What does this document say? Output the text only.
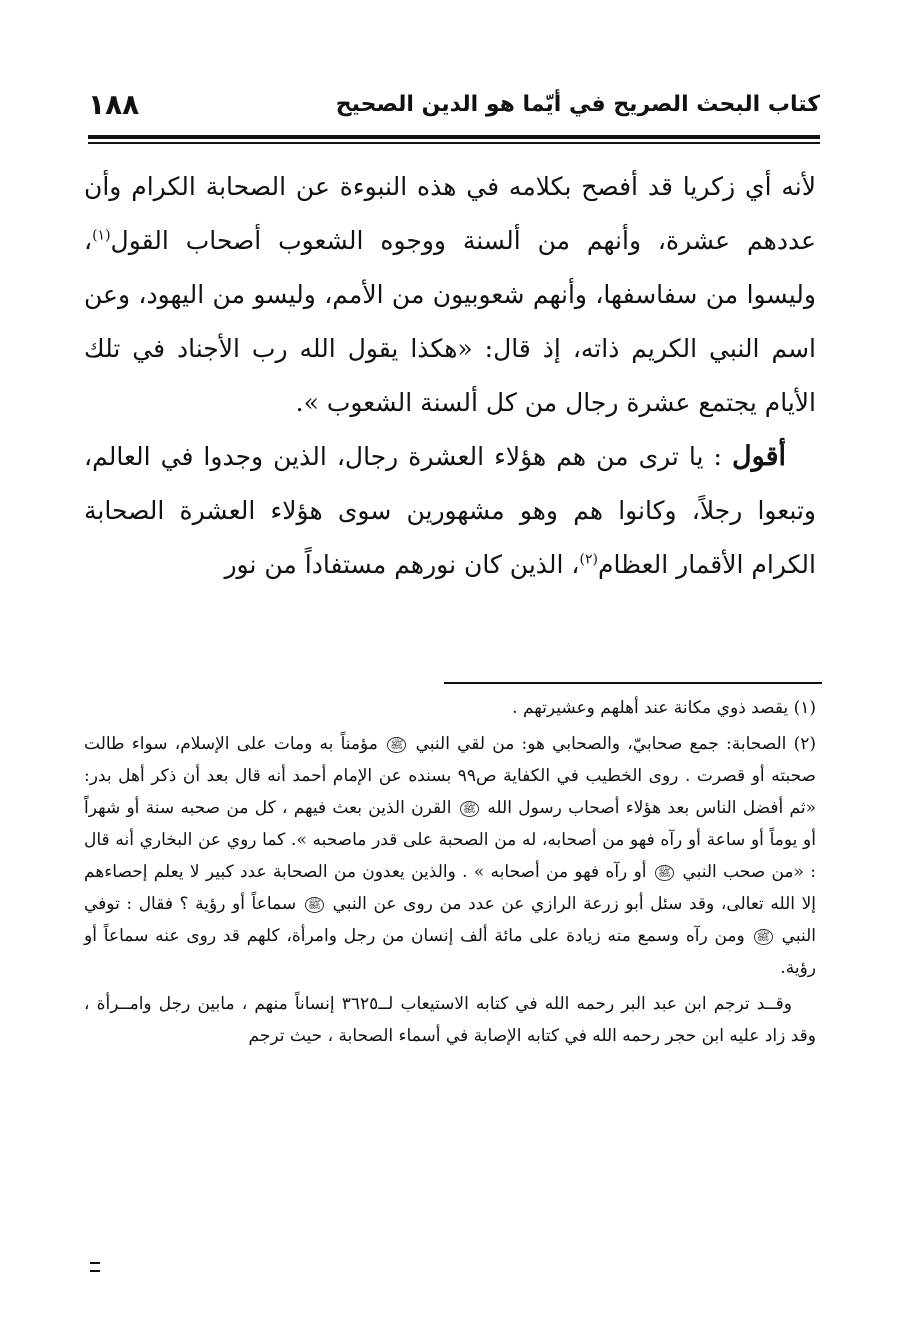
كتاب البحث الصريح في أيّما هو الدين الصحيح
١٨٨

لأنه أي زكريا قد أفصح بكلامه في هذه النبوءة عن الصحابة الكرام وأن عددهم عشرة، وأنهم من ألسنة ووجوه الشعوب أصحاب القول$^{(١)}$، وليسوا من سفاسفها، وأنهم شعوبيون من الأمم، وليسو من اليهود، وعن اسم النبي الكريم ذاته، إذ قال: «هكذا يقول الله رب الأجناد في تلك الأيام يجتمع عشرة رجال من كل ألسنة الشعوب ».

أقول : يا ترى من هم هؤلاء العشرة رجال، الذين وجدوا في العالم، وتبعوا رجلاً، وكانوا هم وهو مشهورين سوى هؤلاء العشرة الصحابة الكرام الأقمار العظام$^{(٢)}$، الذين كان نورهم مستفاداً من نور

(١) يقصد ذوي مكانة عند أهلهم وعشيرتهم .

(٢) الصحابة: جمع صحابيّ، والصحابي هو: من لقي النبي ﷺ مؤمناً به ومات على الإسلام، سواء طالت صحبته أو قصرت . روى الخطيب في الكفاية ص٩٩ بسنده عن الإمام أحمد أنه قال بعد أن ذكر أهل بدر: «ثم أفضل الناس بعد هؤلاء أصحاب رسول الله ﷺ القرن الذين بعث فيهم ، كل من صحبه سنة أو شهراً أو يوماً أو ساعة أو رآه فهو من أصحابه، له من الصحبة على قدر ماصحبه ». كما روي عن البخاري أنه قال : «من صحب النبي ﷺ أو رآه فهو من أصحابه » . والذين يعدون من الصحابة عدد كبير لا يعلم إحصاءهم إلا الله تعالى، وقد سئل أبو زرعة الرازي عن عدد من روى عن النبي ﷺ سماعاً أو رؤية ؟ فقال : توفي النبي ﷺ ومن رآه وسمع منه زيادة على مائة ألف إنسان من رجل وامرأة، كلهم قد روى عنه سماعاً أو رؤية.

وقــد ترجم ابن عبد البر رحمه الله في كتابه الاستيعاب لــ٣٦٢٥ إنساناً منهم ، مابين رجل وامــرأة ، وقد زاد عليه ابن حجر رحمه الله في كتابه الإصابة في أسماء الصحابة ، حيث ترجم
